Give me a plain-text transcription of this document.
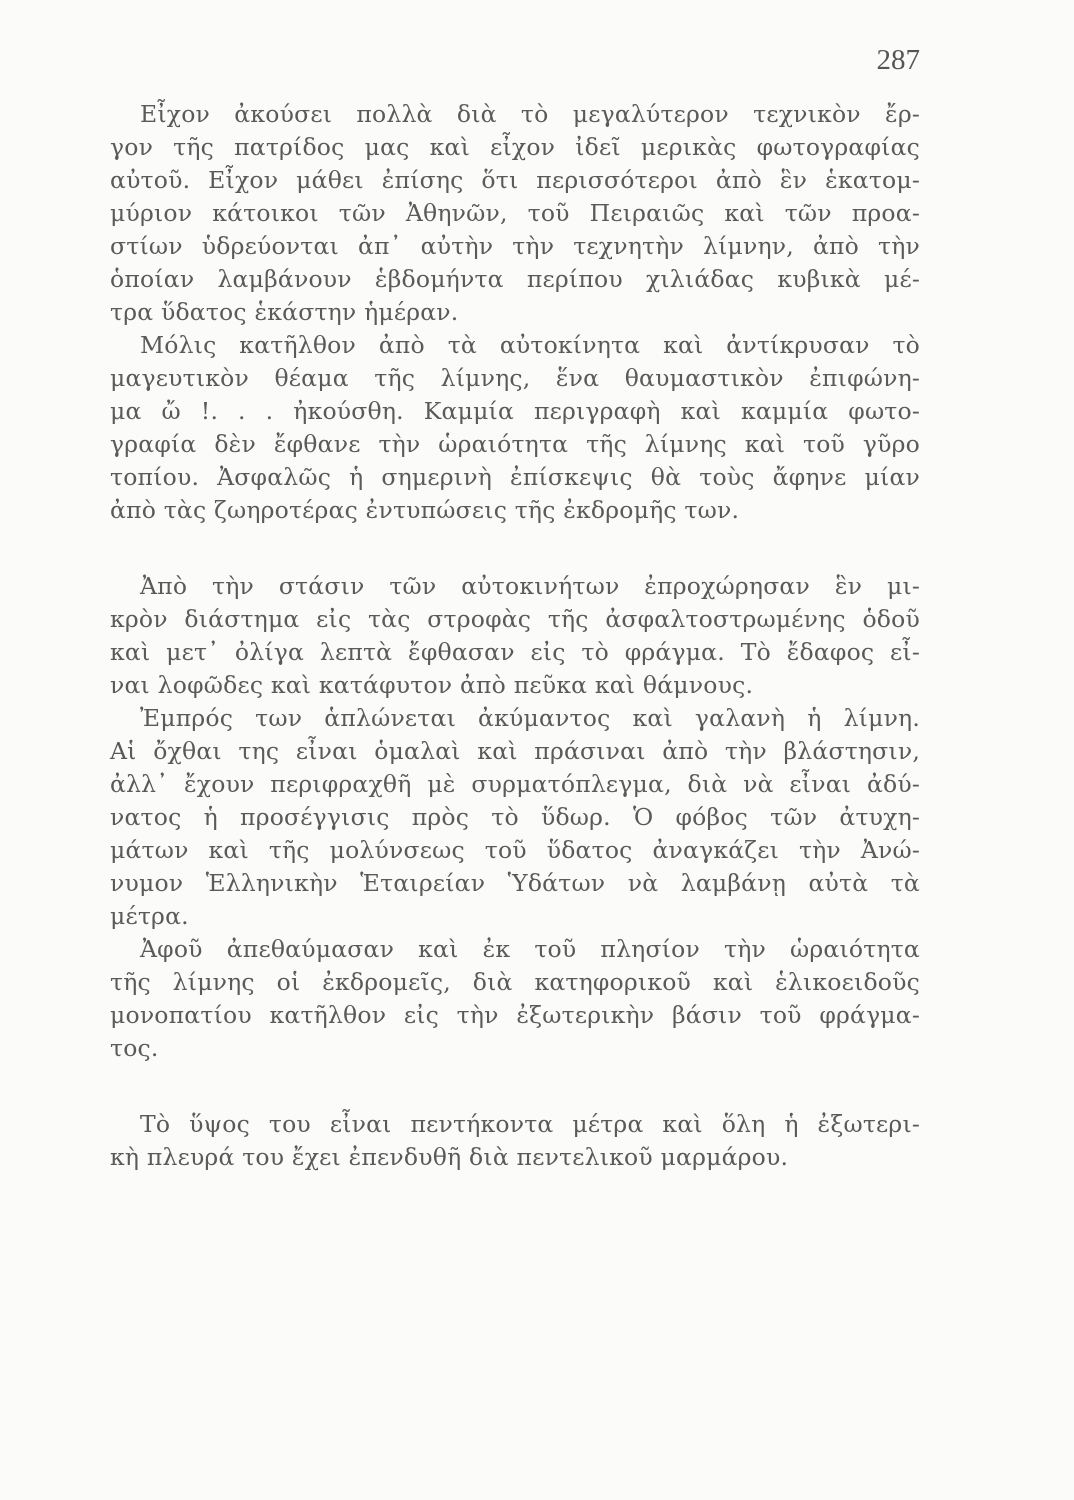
287
Εἶχον ἀκούσει πολλὰ διὰ τὸ μεγαλύτερον τεχνικὸν ἔρ-
γον τῆς πατρίδος μας καὶ εἶχον ἰδεῖ μερικὰς φωτογραφίας
αὐτοῦ. Εἶχον μάθει ἐπίσης ὅτι περισσότεροι ἀπὸ ἓν ἑκατομ-
μύριον κάτοικοι τῶν Ἀθηνῶν, τοῦ Πειραιῶς καὶ τῶν προα-
στίων ὑδρεύονται ἀπ᾿ αὐτὴν τὴν τεχνητὴν λίμνην, ἀπὸ τὴν
ὁποίαν λαμβάνουν ἑβδομήντα περίπου χιλιάδας κυβικὰ μέ-
τρα ὕδατος ἑκάστην ἡμέραν.
Μόλις κατῆλθον ἀπὸ τὰ αὐτοκίνητα καὶ ἀντίκρυσαν τὸ
μαγευτικὸν θέαμα τῆς λίμνης, ἕνα θαυμαστικὸν ἐπιφώνη-
μα ὤ !. . . ἠκούσθη. Καμμία περιγραφὴ καὶ καμμία φωτο-
γραφία δὲν ἔφθανε τὴν ὡραιότητα τῆς λίμνης καὶ τοῦ γῦρο
τοπίου. Ἀσφαλῶς ἡ σημερινὴ ἐπίσκεψις θὰ τοὺς ἄφηνε μίαν
ἀπὸ τὰς ζωηροτέρας ἐντυπώσεις τῆς ἐκδρομῆς των.
Ἀπὸ τὴν στάσιν τῶν αὐτοκινήτων ἐπροχώρησαν ἓν μι-
κρὸν διάστημα εἰς τὰς στροφὰς τῆς ἀσφαλτοστρωμένης ὁδοῦ
καὶ μετ᾿ ὀλίγα λεπτὰ ἔφθασαν εἰς τὸ φράγμα. Τὸ ἔδαφος εἶ-
ναι λοφῶδες καὶ κατάφυτον ἀπὸ πεῦκα καὶ θάμνους.
Ἐμπρός των ἁπλώνεται ἀκύμαντος καὶ γαλανὴ ἡ λίμνη.
Αἱ ὄχθαι της εἶναι ὁμαλαὶ καὶ πράσιναι ἀπὸ τὴν βλάστησιν,
ἀλλ᾿ ἔχουν περιφραχθῆ μὲ συρματόπλεγμα, διὰ νὰ εἶναι ἀδύ-
νατος ἡ προσέγγισις πρὸς τὸ ὕδωρ. Ὁ φόβος τῶν ἀτυχη-
μάτων καὶ τῆς μολύνσεως τοῦ ὕδατος ἀναγκάζει τὴν Ἀνώ-
νυμον Ἑλληνικὴν Ἑταιρείαν Ὑδάτων νὰ λαμβάνῃ αὐτὰ τὰ
μέτρα.
Ἀφοῦ ἀπεθαύμασαν καὶ ἐκ τοῦ πλησίον τὴν ὡραιότητα
τῆς λίμνης οἱ ἐκδρομεῖς, διὰ κατηφορικοῦ καὶ ἑλικοειδοῦς
μονοπατίου κατῆλθον εἰς τὴν ἐξωτερικὴν βάσιν τοῦ φράγμα-
τος.
Τὸ ὕψος του εἶναι πεντήκοντα μέτρα καὶ ὅλη ἡ ἐξωτερι-
κὴ πλευρά του ἔχει ἐπενδυθῆ διὰ πεντελικοῦ μαρμάρου.
